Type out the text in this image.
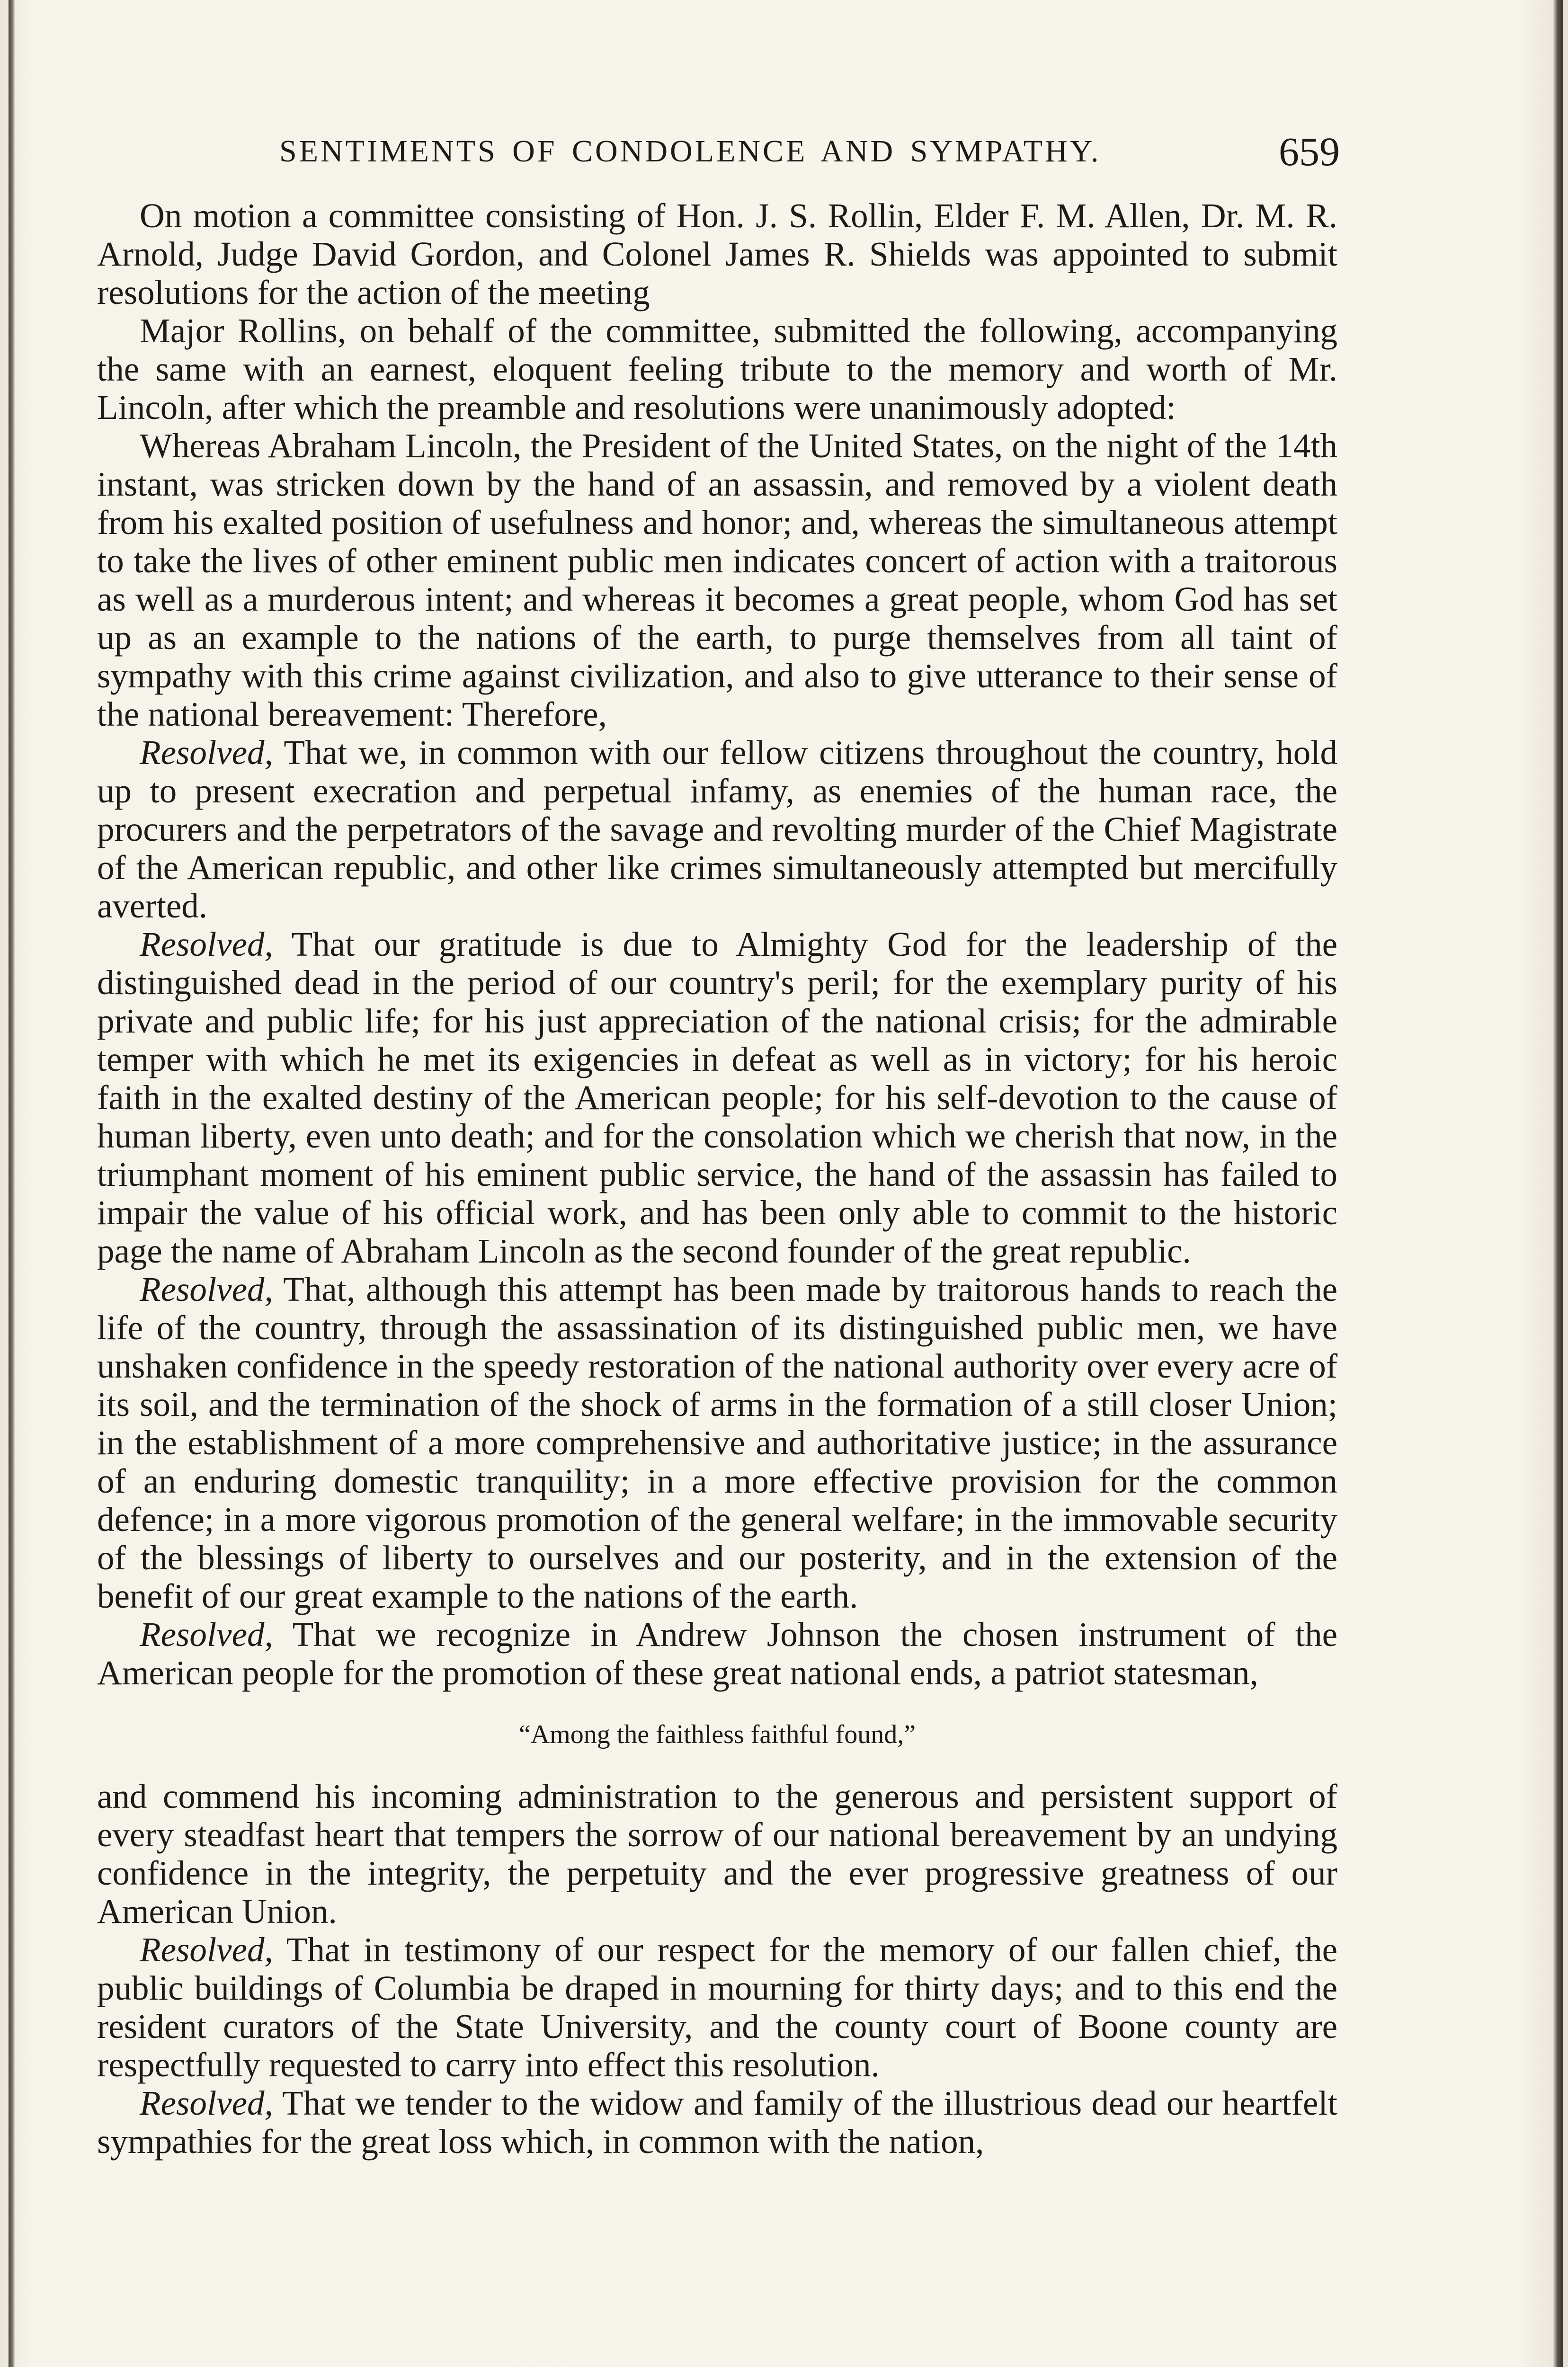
SENTIMENTS OF CONDOLENCE AND SYMPATHY.	659

On motion a committee consisting of Hon. J. S. Rollin, Elder F. M. Allen, Dr. M. R. Arnold, Judge David Gordon, and Colonel James R. Shields was appointed to submit resolutions for the action of the meeting

Major Rollins, on behalf of the committee, submitted the following, accompanying the same with an earnest, eloquent feeling tribute to the memory and worth of Mr. Lincoln, after which the preamble and resolutions were unanimously adopted:

Whereas Abraham Lincoln, the President of the United States, on the night of the 14th instant, was stricken down by the hand of an assassin, and removed by a violent death from his exalted position of usefulness and honor; and, whereas the simultaneous attempt to take the lives of other eminent public men indicates concert of action with a traitorous as well as a murderous intent; and whereas it becomes a great people, whom God has set up as an example to the nations of the earth, to purge themselves from all taint of sympathy with this crime against civilization, and also to give utterance to their sense of the national bereavement: Therefore,

Resolved, That we, in common with our fellow citizens throughout the country, hold up to present execration and perpetual infamy, as enemies of the human race, the procurers and the perpetrators of the savage and revolting murder of the Chief Magistrate of the American republic, and other like crimes simultaneously attempted but mercifully averted.

Resolved, That our gratitude is due to Almighty God for the leadership of the distinguished dead in the period of our country's peril; for the exemplary purity of his private and public life; for his just appreciation of the national crisis; for the admirable temper with which he met its exigencies in defeat as well as in victory; for his heroic faith in the exalted destiny of the American people; for his self-devotion to the cause of human liberty, even unto death; and for the consolation which we cherish that now, in the triumphant moment of his eminent public service, the hand of the assassin has failed to impair the value of his official work, and has been only able to commit to the historic page the name of Abraham Lincoln as the second founder of the great republic.

Resolved, That, although this attempt has been made by traitorous hands to reach the life of the country, through the assassination of its distinguished public men, we have unshaken confidence in the speedy restoration of the national authority over every acre of its soil, and the termination of the shock of arms in the formation of a still closer Union; in the establishment of a more comprehensive and authoritative justice; in the assurance of an enduring domestic tranquility; in a more effective provision for the common defence; in a more vigorous promotion of the general welfare; in the immovable security of the blessings of liberty to ourselves and our posterity, and in the extension of the benefit of our great example to the nations of the earth.

Resolved, That we recognize in Andrew Johnson the chosen instrument of the American people for the promotion of these great national ends, a patriot statesman,

“Among the faithless faithful found,”

and commend his incoming administration to the generous and persistent support of every steadfast heart that tempers the sorrow of our national bereavement by an undying confidence in the integrity, the perpetuity and the ever progressive greatness of our American Union.

Resolved, That in testimony of our respect for the memory of our fallen chief, the public buildings of Columbia be draped in mourning for thirty days; and to this end the resident curators of the State University, and the county court of Boone county are respectfully requested to carry into effect this resolution.

Resolved, That we tender to the widow and family of the illustrious dead our heartfelt sympathies for the great loss which, in common with the nation,
